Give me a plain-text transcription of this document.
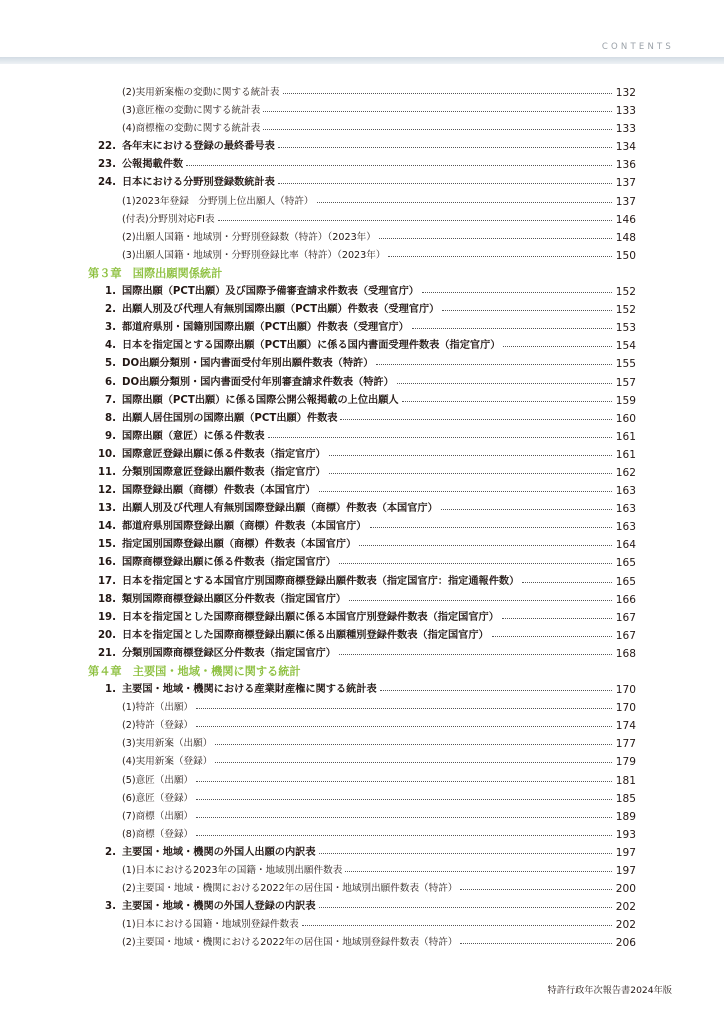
CONTENTS
(2)実用新案権の変動に関する統計表	132
(3)意匠権の変動に関する統計表	133
(4)商標権の変動に関する統計表	133
22. 各年末における登録の最終番号表	134
23. 公報掲載件数	136
24. 日本における分野別登録数統計表	137
(1)2023年登録　分野別上位出願人（特許）	137
(付表)分野別対応FI表	146
(2)出願人国籍・地域別・分野別登録数（特許）（2023年）	148
(3)出願人国籍・地域別・分野別登録比率（特許）（2023年）	150
第３章　国際出願関係統計
1. 国際出願（PCT出願）及び国際予備審査請求件数表（受理官庁）	152
2. 出願人別及び代理人有無別国際出願（PCT出願）件数表（受理官庁）	152
3. 都道府県別・国籍別国際出願（PCT出願）件数表（受理官庁）	153
4. 日本を指定国とする国際出願（PCT出願）に係る国内書面受理件数表（指定官庁）	154
5. DO出願分類別・国内書面受付年別出願件数表（特許）	155
6. DO出願分類別・国内書面受付年別審査請求件数表（特許）	157
7. 国際出願（PCT出願）に係る国際公開公報掲載の上位出願人	159
8. 出願人居住国別の国際出願（PCT出願）件数表	160
9. 国際出願（意匠）に係る件数表	161
10. 国際意匠登録出願に係る件数表（指定官庁）	161
11. 分類別国際意匠登録出願件数表（指定官庁）	162
12. 国際登録出願（商標）件数表（本国官庁）	163
13. 出願人別及び代理人有無別国際登録出願（商標）件数表（本国官庁）	163
14. 都道府県別国際登録出願（商標）件数表（本国官庁）	163
15. 指定国別国際登録出願（商標）件数表（本国官庁）	164
16. 国際商標登録出願に係る件数表（指定国官庁）	165
17. 日本を指定国とする本国官庁別国際商標登録出願件数表（指定国官庁：指定通報件数）	165
18. 類別国際商標登録出願区分件数表（指定国官庁）	166
19. 日本を指定国とした国際商標登録出願に係る本国官庁別登録件数表（指定国官庁）	167
20. 日本を指定国とした国際商標登録出願に係る出願種別登録件数表（指定国官庁）	167
21. 分類別国際商標登録区分件数表（指定国官庁）	168
第４章　主要国・地域・機関に関する統計
1. 主要国・地域・機関における産業財産権に関する統計表	170
(1)特許（出願）	170
(2)特許（登録）	174
(3)実用新案（出願）	177
(4)実用新案（登録）	179
(5)意匠（出願）	181
(6)意匠（登録）	185
(7)商標（出願）	189
(8)商標（登録）	193
2. 主要国・地域・機関の外国人出願の内訳表	197
(1)日本における2023年の国籍・地域別出願件数表	197
(2)主要国・地域・機関における2022年の居住国・地域別出願件数表（特許）	200
3. 主要国・地域・機関の外国人登録の内訳表	202
(1)日本における国籍・地域別登録件数表	202
(2)主要国・地域・機関における2022年の居住国・地域別登録件数表（特許）	206
特許行政年次報告書2024年版
